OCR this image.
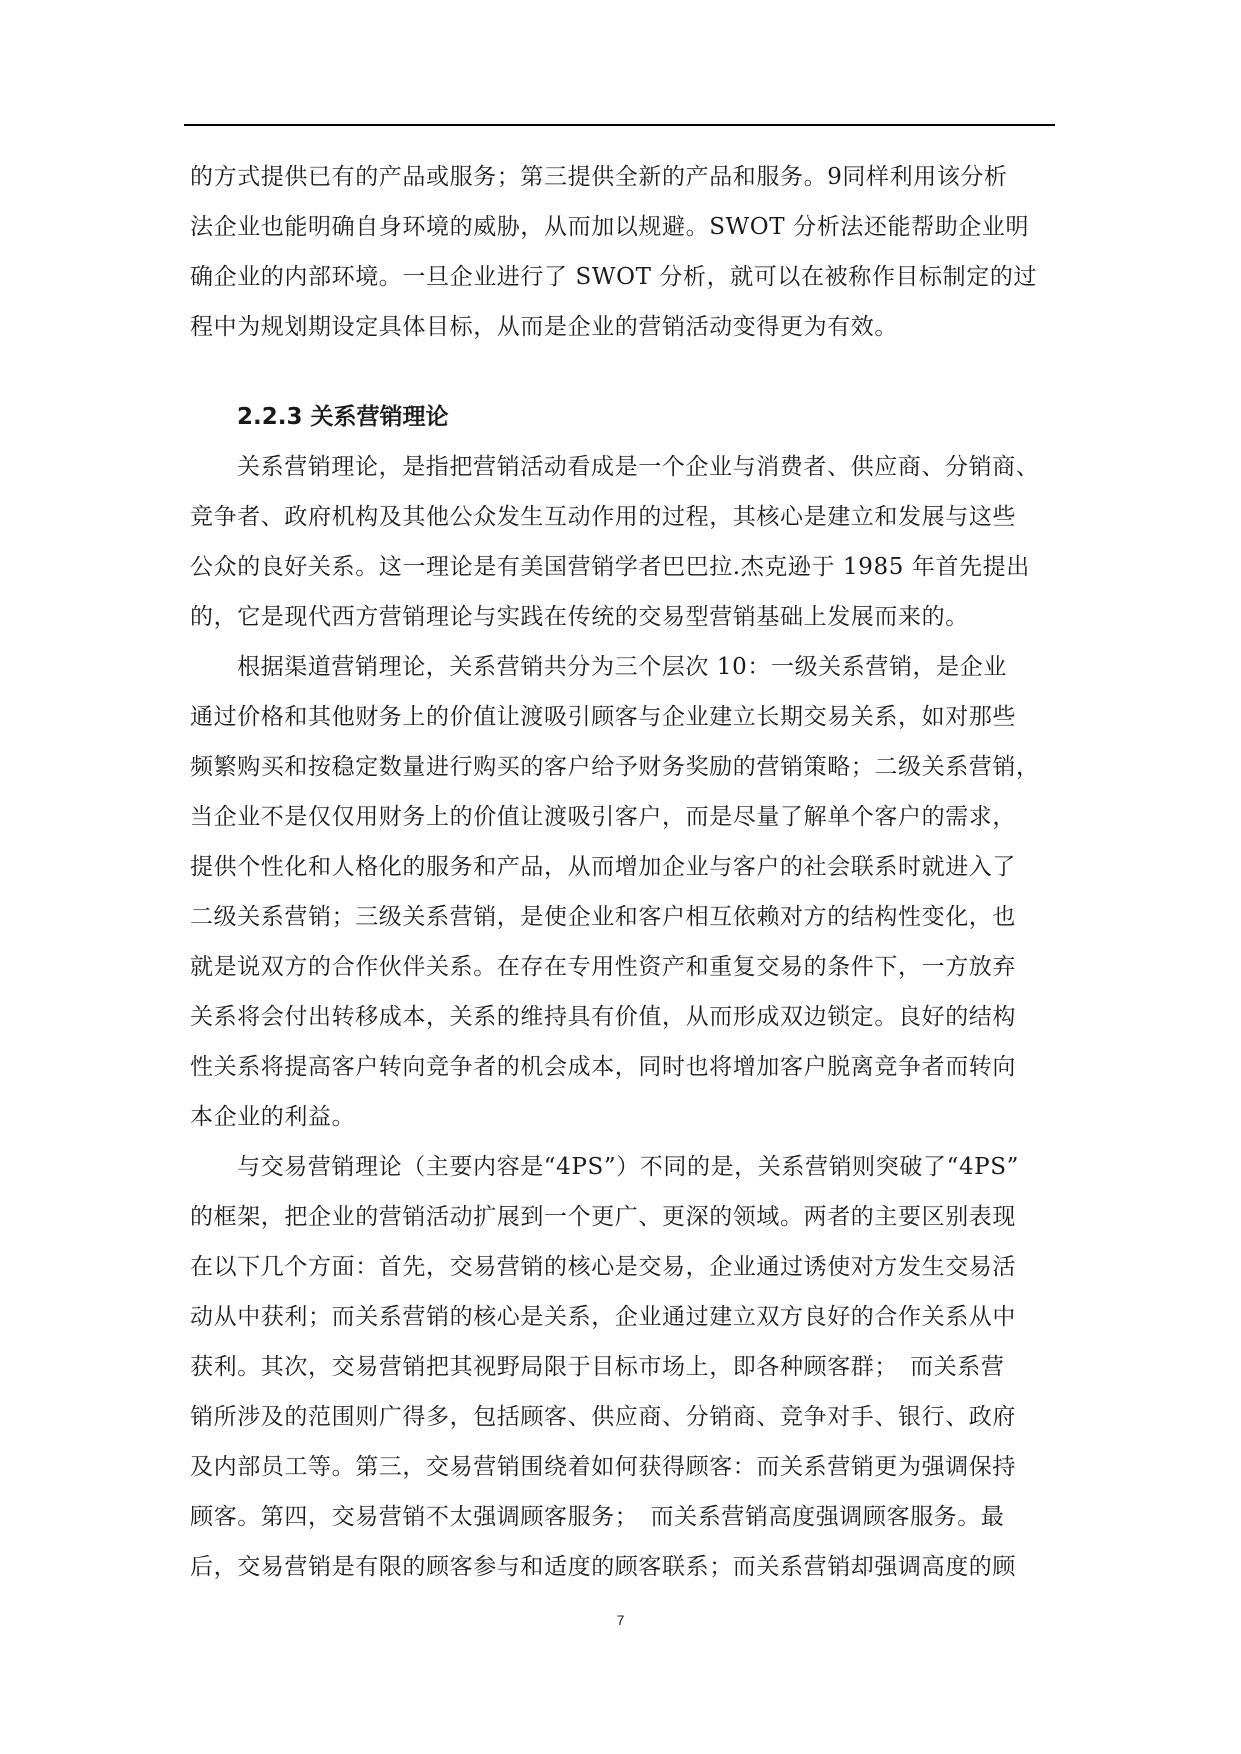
的方式提供已有的产品或服务；第三提供全新的产品和服务。9同样利用该分析
法企业也能明确自身环境的威胁，从而加以规避。SWOT 分析法还能帮助企业明
确企业的内部环境。一旦企业进行了 SWOT 分析，就可以在被称作目标制定的过
程中为规划期设定具体目标，从而是企业的营销活动变得更为有效。
2.2.3 关系营销理论
关系营销理论，是指把营销活动看成是一个企业与消费者、供应商、分销商、
竞争者、政府机构及其他公众发生互动作用的过程，其核心是建立和发展与这些
公众的良好关系。这一理论是有美国营销学者巴巴拉.杰克逊于 1985 年首先提出
的，它是现代西方营销理论与实践在传统的交易型营销基础上发展而来的。
根据渠道营销理论，关系营销共分为三个层次 10：一级关系营销，是企业
通过价格和其他财务上的价值让渡吸引顾客与企业建立长期交易关系，如对那些
频繁购买和按稳定数量进行购买的客户给予财务奖励的营销策略；二级关系营销，
当企业不是仅仅用财务上的价值让渡吸引客户，而是尽量了解单个客户的需求，
提供个性化和人格化的服务和产品，从而增加企业与客户的社会联系时就进入了
二级关系营销；三级关系营销，是使企业和客户相互依赖对方的结构性变化，也
就是说双方的合作伙伴关系。在存在专用性资产和重复交易的条件下，一方放弃
关系将会付出转移成本，关系的维持具有价值，从而形成双边锁定。良好的结构
性关系将提高客户转向竞争者的机会成本，同时也将增加客户脱离竞争者而转向
本企业的利益。
与交易营销理论（主要内容是“4PS”）不同的是，关系营销则突破了“4PS”
的框架，把企业的营销活动扩展到一个更广、更深的领域。两者的主要区别表现
在以下几个方面：首先，交易营销的核心是交易，企业通过诱使对方发生交易活
动从中获利；而关系营销的核心是关系，企业通过建立双方良好的合作关系从中
获利。其次，交易营销把其视野局限于目标市场上，即各种顾客群；　而关系营
销所涉及的范围则广得多，包括顾客、供应商、分销商、竞争对手、银行、政府
及内部员工等。第三，交易营销围绕着如何获得顾客：而关系营销更为强调保持
顾客。第四，交易营销不太强调顾客服务；　而关系营销高度强调顾客服务。最
后，交易营销是有限的顾客参与和适度的顾客联系；而关系营销却强调高度的顾
7
